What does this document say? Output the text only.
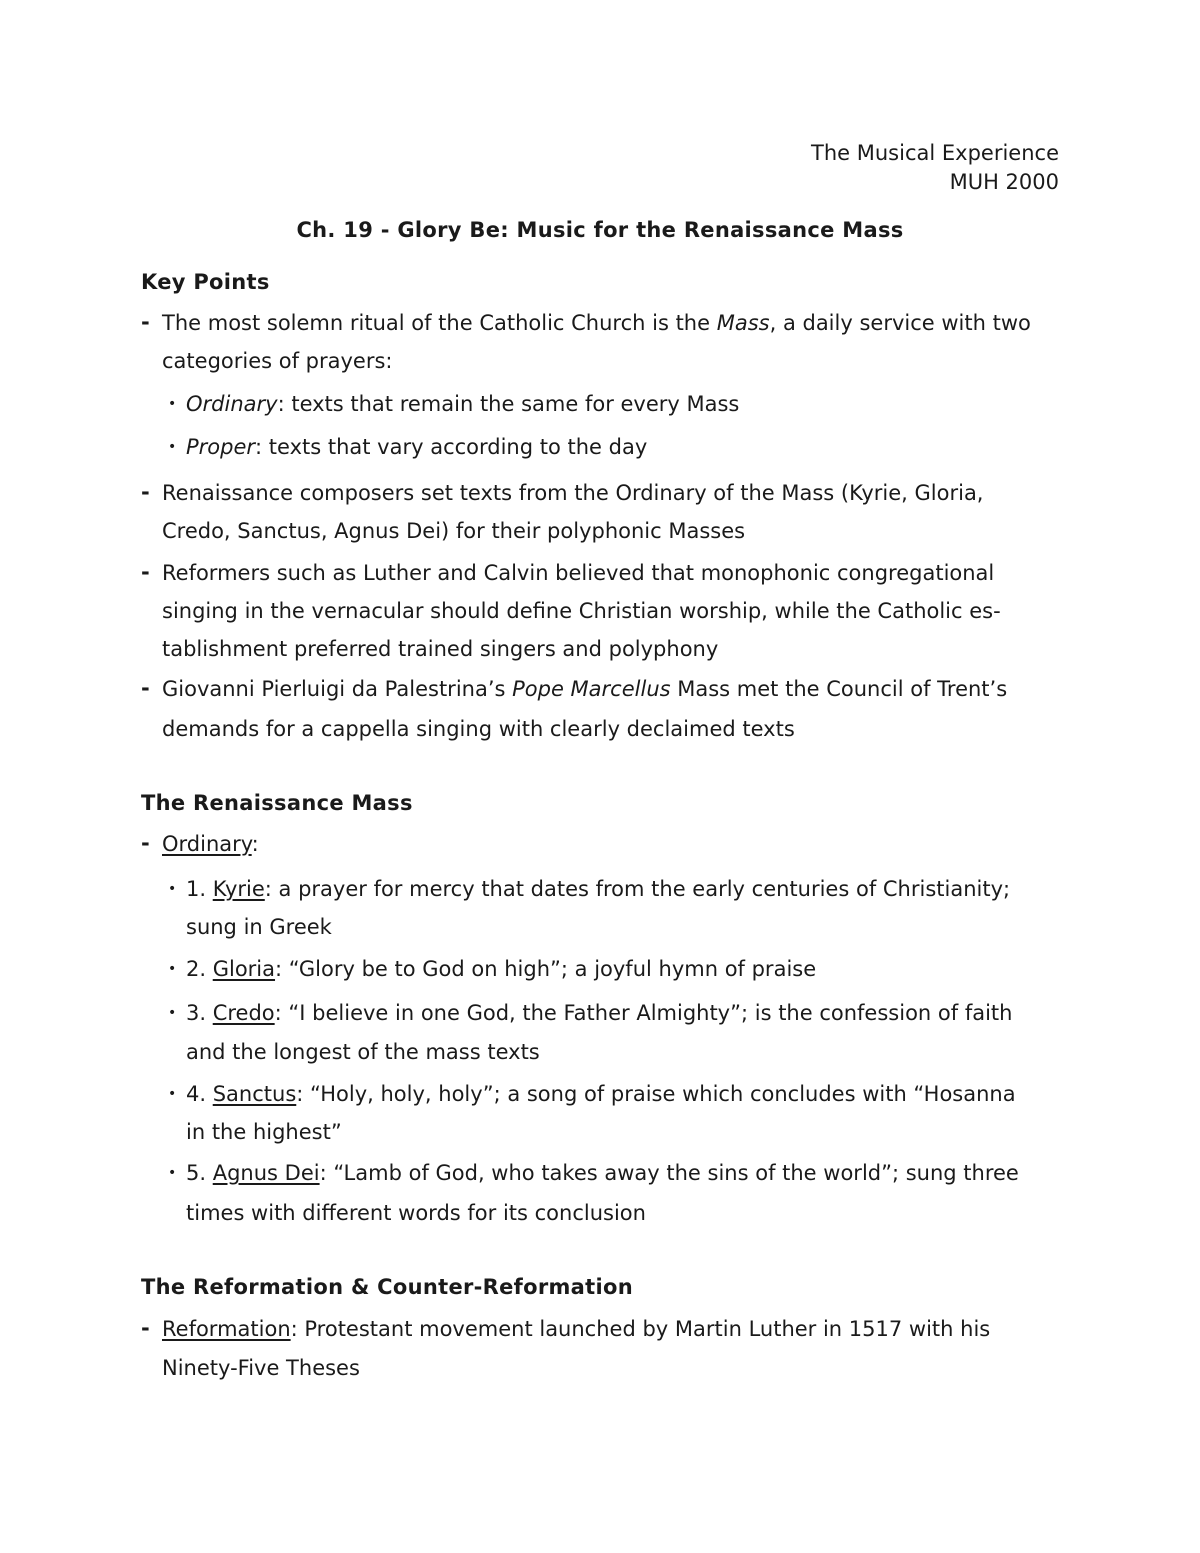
The Musical Experience
MUH 2000
Ch. 19 - Glory Be: Music for the Renaissance Mass
Key Points
- The most solemn ritual of the Catholic Church is the Mass, a daily service with two
categories of prayers:
• Ordinary: texts that remain the same for every Mass
• Proper: texts that vary according to the day
- Renaissance composers set texts from the Ordinary of the Mass (Kyrie, Gloria,
Credo, Sanctus, Agnus Dei) for their polyphonic Masses
- Reformers such as Luther and Calvin believed that monophonic congregational
singing in the vernacular should define Christian worship, while the Catholic es-
tablishment preferred trained singers and polyphony
- Giovanni Pierluigi da Palestrina’s Pope Marcellus Mass met the Council of Trent’s
demands for a cappella singing with clearly declaimed texts
The Renaissance Mass
- Ordinary:
• 1. Kyrie: a prayer for mercy that dates from the early centuries of Christianity;
sung in Greek
• 2. Gloria: “Glory be to God on high”; a joyful hymn of praise
• 3. Credo: “I believe in one God, the Father Almighty”; is the confession of faith
and the longest of the mass texts
• 4. Sanctus: “Holy, holy, holy”; a song of praise which concludes with “Hosanna
in the highest”
• 5. Agnus Dei: “Lamb of God, who takes away the sins of the world”; sung three
times with different words for its conclusion
The Reformation & Counter-Reformation
- Reformation: Protestant movement launched by Martin Luther in 1517 with his
Ninety-Five Theses
